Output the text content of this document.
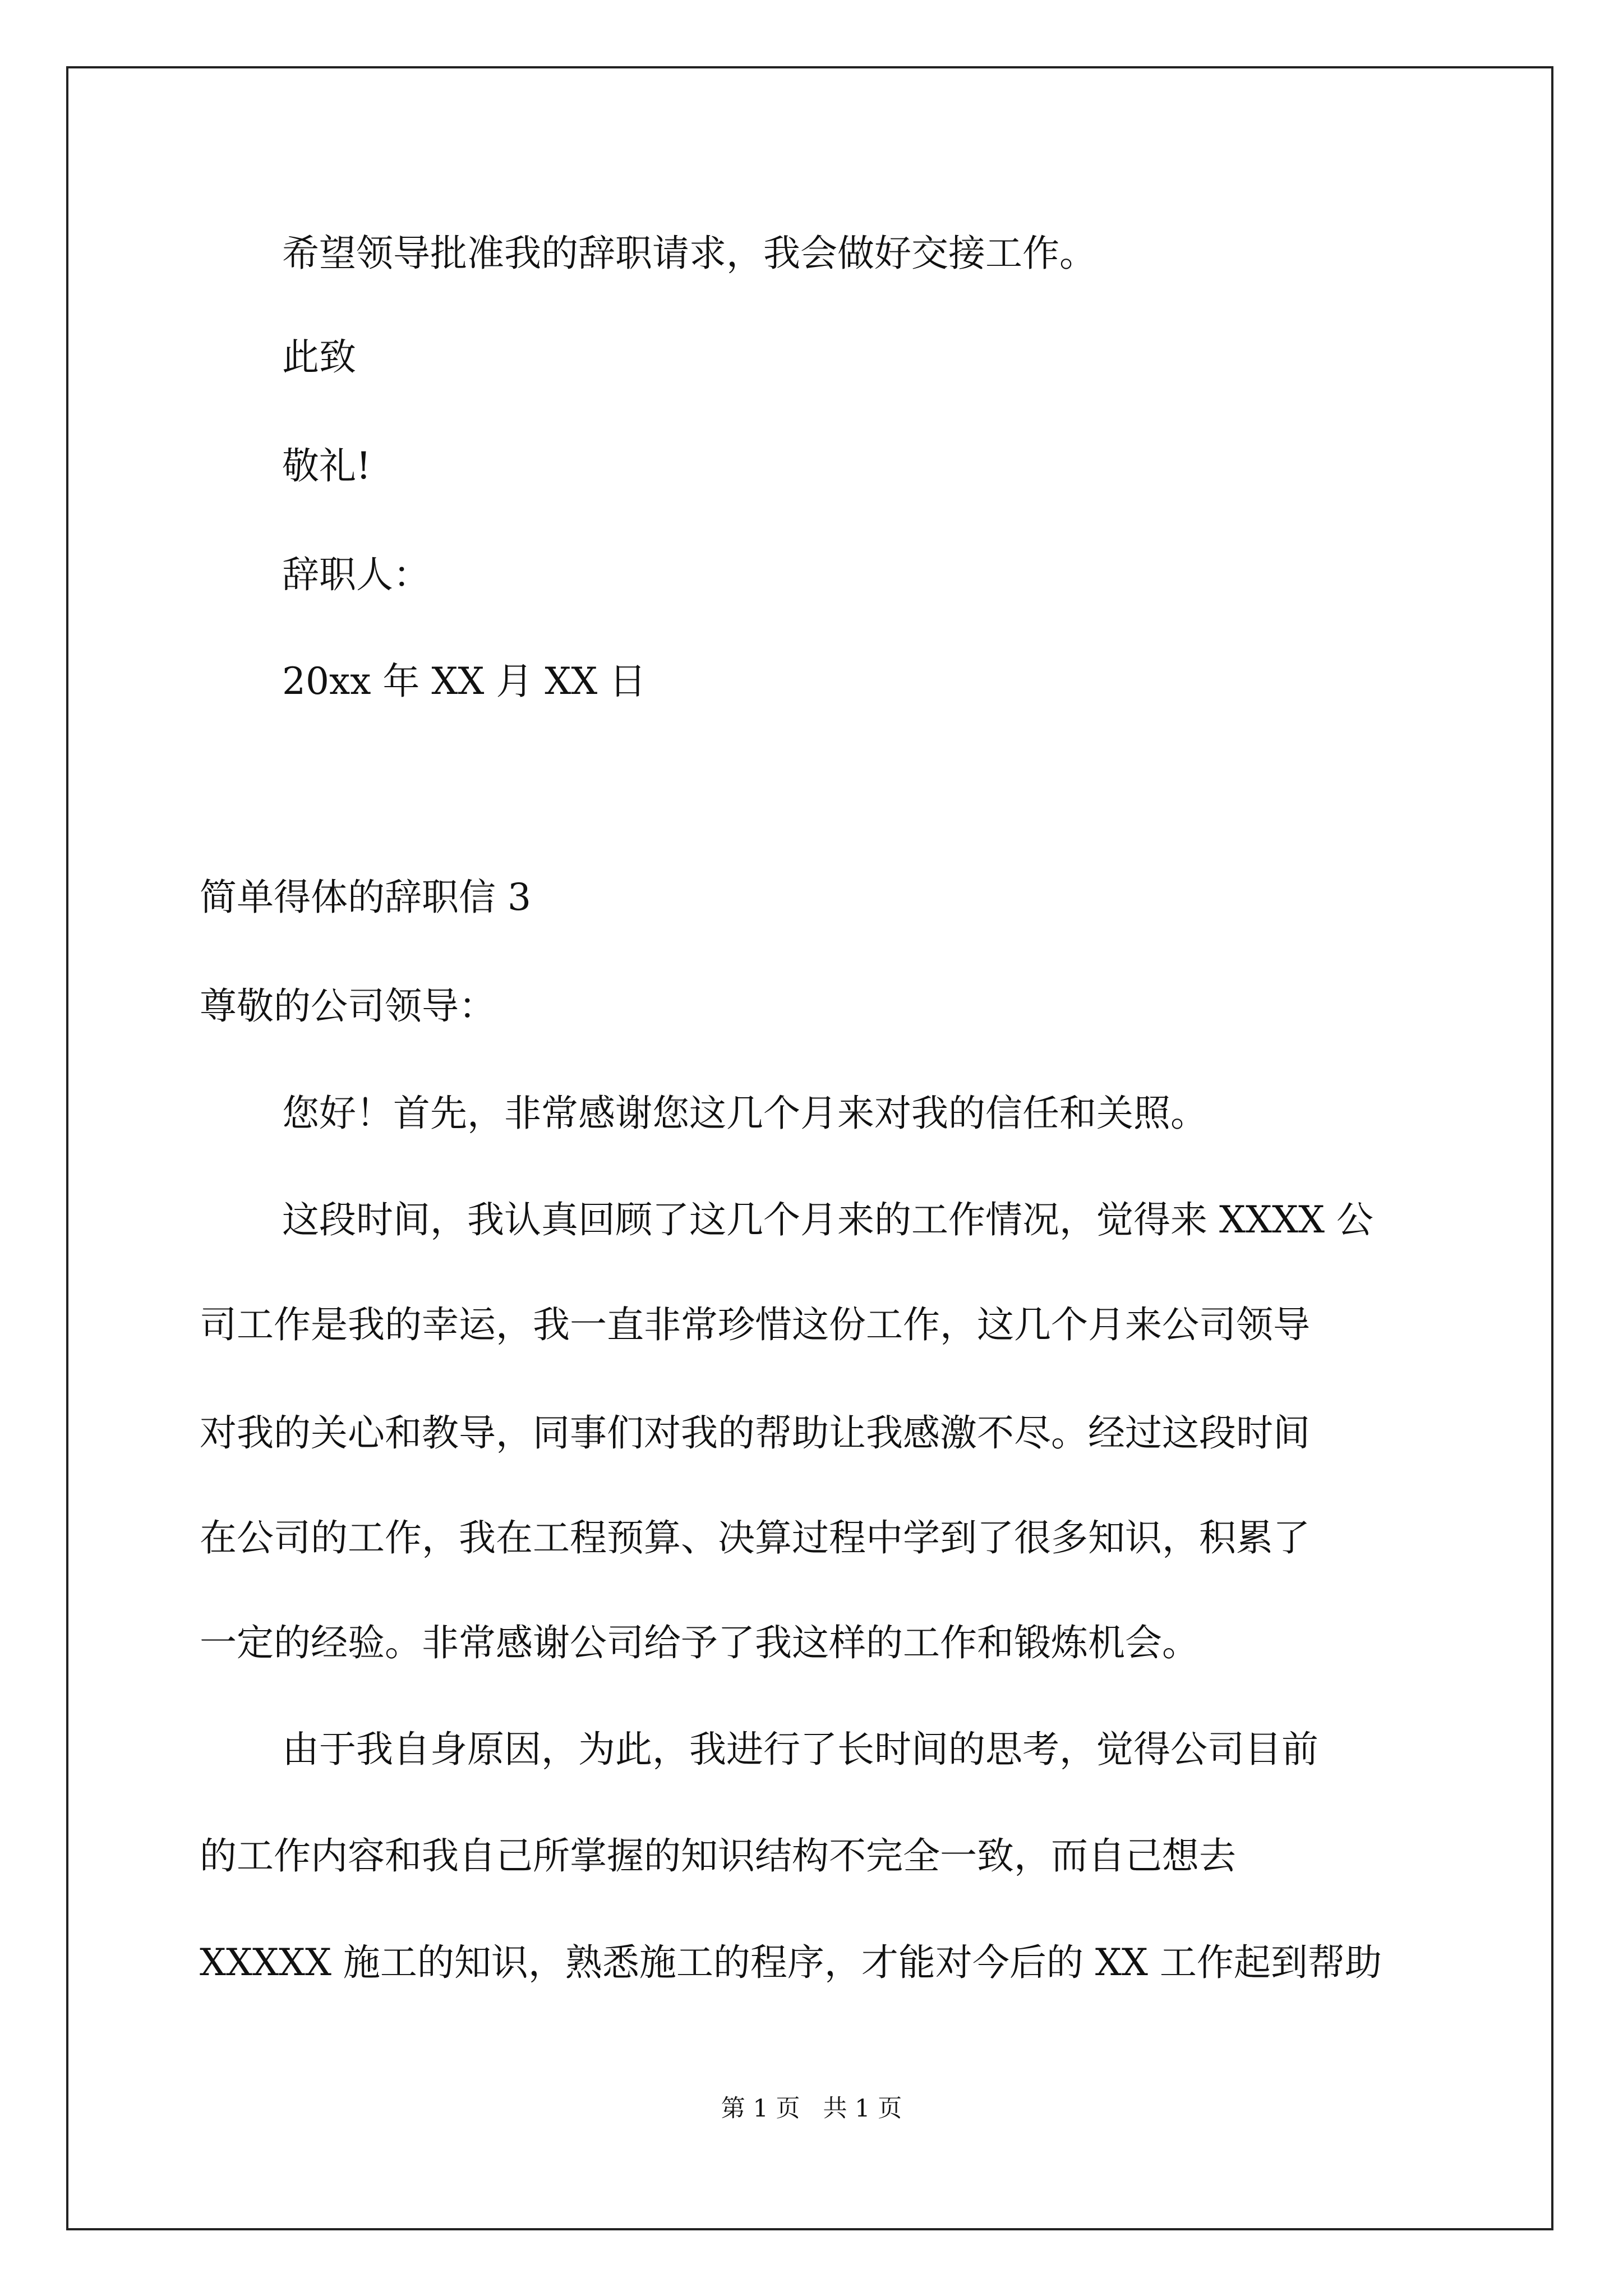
希望领导批准我的辞职请求，我会做好交接工作。
此致
敬礼!
辞职人：
20xx 年 XX 月 XX 日
简单得体的辞职信 3
尊敬的公司领导：
您好！首先，非常感谢您这几个月来对我的信任和关照。
这段时间，我认真回顾了这几个月来的工作情况，觉得来 XXXX 公
司工作是我的幸运，我一直非常珍惜这份工作，这几个月来公司领导
对我的关心和教导，同事们对我的帮助让我感激不尽。经过这段时间
在公司的工作，我在工程预算、决算过程中学到了很多知识，积累了
一定的经验。非常感谢公司给予了我这样的工作和锻炼机会。
由于我自身原因，为此，我进行了长时间的思考，觉得公司目前
的工作内容和我自己所掌握的知识结构不完全一致，而自己想去
XXXXX 施工的知识，熟悉施工的程序，才能对今后的 XX 工作起到帮助
第 1 页   共 1 页
